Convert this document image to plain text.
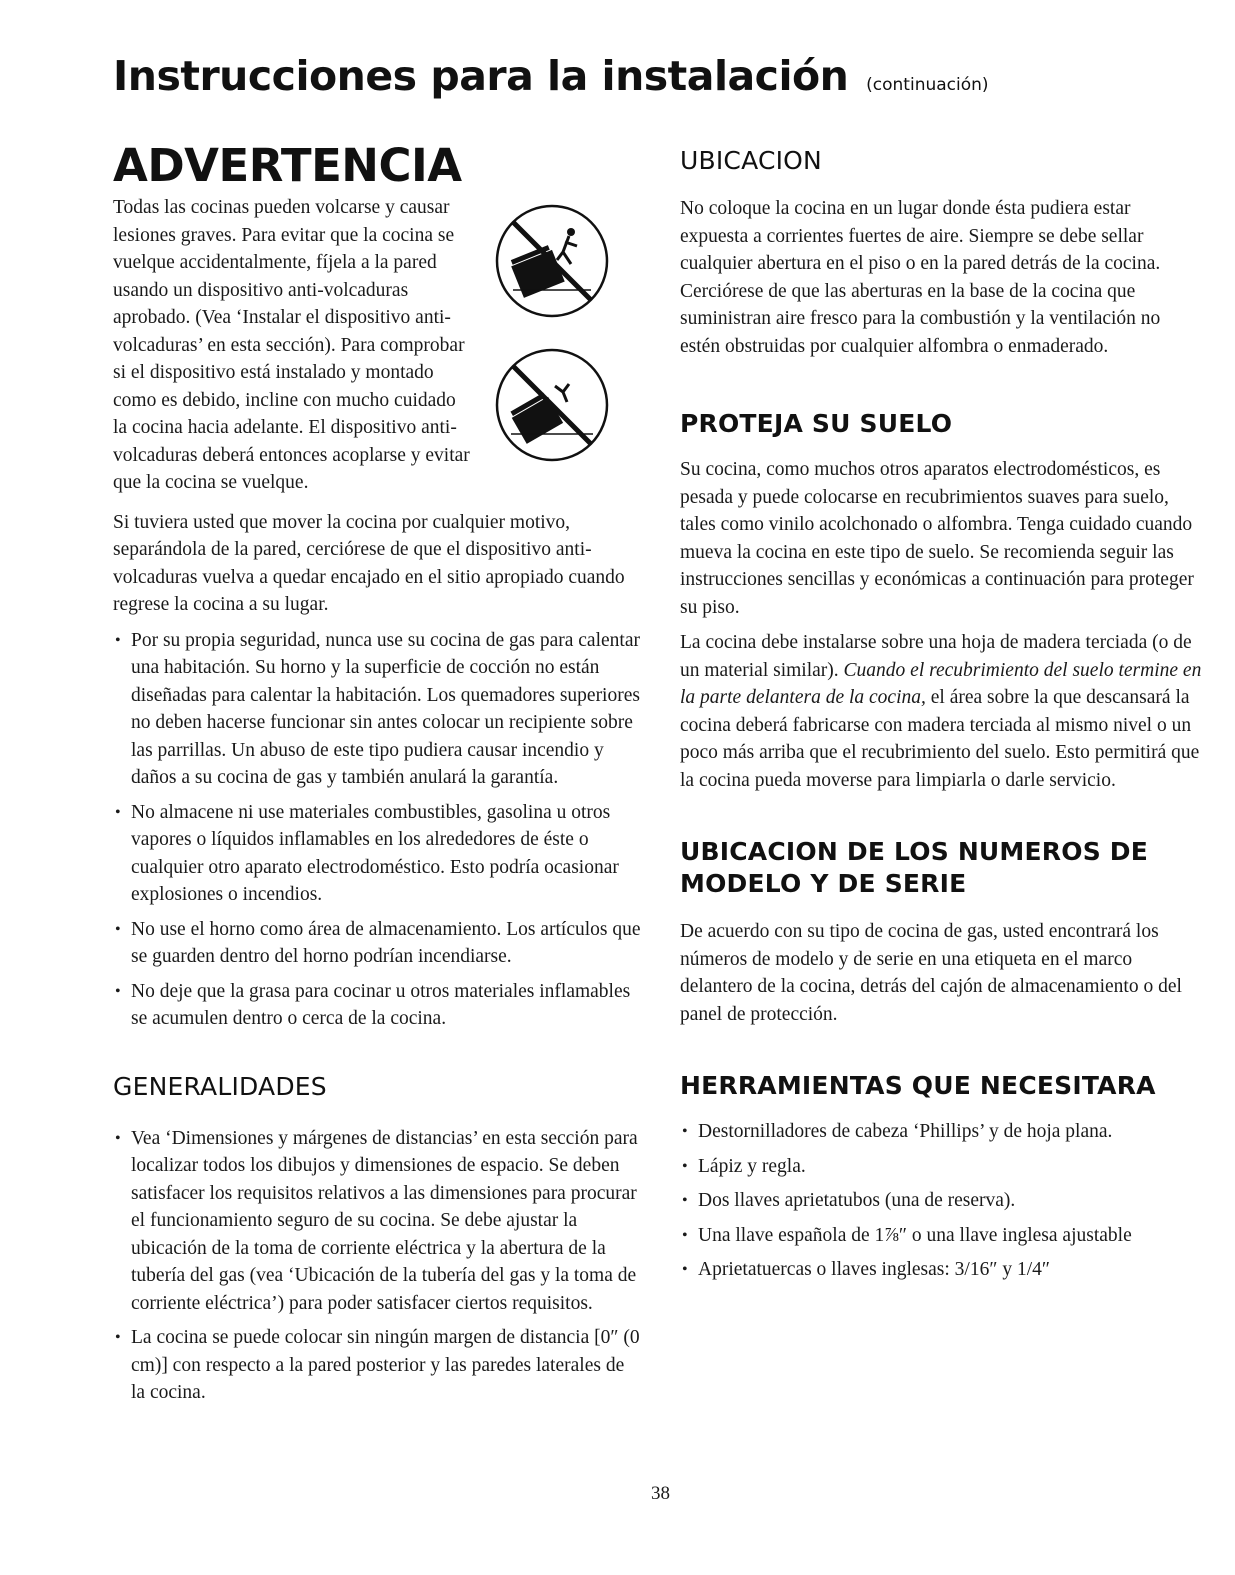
Instrucciones para la instalación (continuación)
ADVERTENCIA

Todas las cocinas pueden volcarse y causar lesiones graves. Para evitar que la cocina se vuelque accidentalmente, fíjela a la pared usando un dispositivo anti-volcaduras aprobado. (Vea ‘Instalar el dispositivo anti-volcaduras’ en esta sección). Para comprobar si el dispositivo está instalado y montado como es debido, incline con mucho cuidado la cocina hacia adelante. El dispositivo anti-volcaduras deberá entonces acoplarse y evitar que la cocina se vuelque.

Si tuviera usted que mover la cocina por cualquier motivo, separándola de la pared, cerciórese de que el dispositivo anti-volcaduras vuelva a quedar encajado en el sitio apropiado cuando regrese la cocina a su lugar.

• Por su propia seguridad, nunca use su cocina de gas para calentar una habitación. Su horno y la superficie de cocción no están diseñadas para calentar la habitación. Los quemadores superiores no deben hacerse funcionar sin antes colocar un recipiente sobre las parrillas. Un abuso de este tipo pudiera causar incendio y daños a su cocina de gas y también anulará la garantía.
• No almacene ni use materiales combustibles, gasolina u otros vapores o líquidos inflamables en los alrededores de éste o cualquier otro aparato electrodoméstico. Esto podría ocasionar explosiones o incendios.
• No use el horno como área de almacenamiento. Los artículos que se guarden dentro del horno podrían incendiarse.
• No deje que la grasa para cocinar u otros materiales inflamables se acumulen dentro o cerca de la cocina.
GENERALIDADES
• Vea ‘Dimensiones y márgenes de distancias’ en esta sección para localizar todos los dibujos y dimensiones de espacio. Se deben satisfacer los requisitos relativos a las dimensiones para procurar el funcionamiento seguro de su cocina. Se debe ajustar la ubicación de la toma de corriente eléctrica y la abertura de la tubería del gas (vea ‘Ubicación de la tubería del gas y la toma de corriente eléctrica’) para poder satisfacer ciertos requisitos.
• La cocina se puede colocar sin ningún margen de distancia [0″ (0 cm)] con respecto a la pared posterior y las paredes laterales de la cocina.
UBICACION

No coloque la cocina en un lugar donde ésta pudiera estar expuesta a corrientes fuertes de aire. Siempre se debe sellar cualquier abertura en el piso o en la pared detrás de la cocina. Cerciórese de que las aberturas en la base de la cocina que suministran aire fresco para la combustión y la ventilación no estén obstruidas por cualquier alfombra o enmaderado.

PROTEJA SU SUELO

Su cocina, como muchos otros aparatos electrodomésticos, es pesada y puede colocarse en recubrimientos suaves para suelo, tales como vinilo acolchonado o alfombra. Tenga cuidado cuando mueva la cocina en este tipo de suelo. Se recomienda seguir las instrucciones sencillas y económicas a continuación para proteger su piso.

La cocina debe instalarse sobre una hoja de madera terciada (o de un material similar). Cuando el recubrimiento del suelo termine en la parte delantera de la cocina, el área sobre la que descansará la cocina deberá fabricarse con madera terciada al mismo nivel o un poco más arriba que el recubrimiento del suelo. Esto permitirá que la cocina pueda moverse para limpiarla o darle servicio.

UBICACION DE LOS NUMEROS DE
MODELO Y DE SERIE

De acuerdo con su tipo de cocina de gas, usted encontrará los números de modelo y de serie en una etiqueta en el marco delantero de la cocina, detrás del cajón de almacenamiento o del panel de protección.

HERRAMIENTAS QUE NECESITARA
• Destornilladores de cabeza ‘Phillips’ y de hoja plana.
• Lápiz y regla.
• Dos llaves aprietatubos (una de reserva).
• Una llave española de 1⅞″ o una llave inglesa ajustable
• Aprietatuercas o llaves inglesas: 3/16″ y 1/4″
38
